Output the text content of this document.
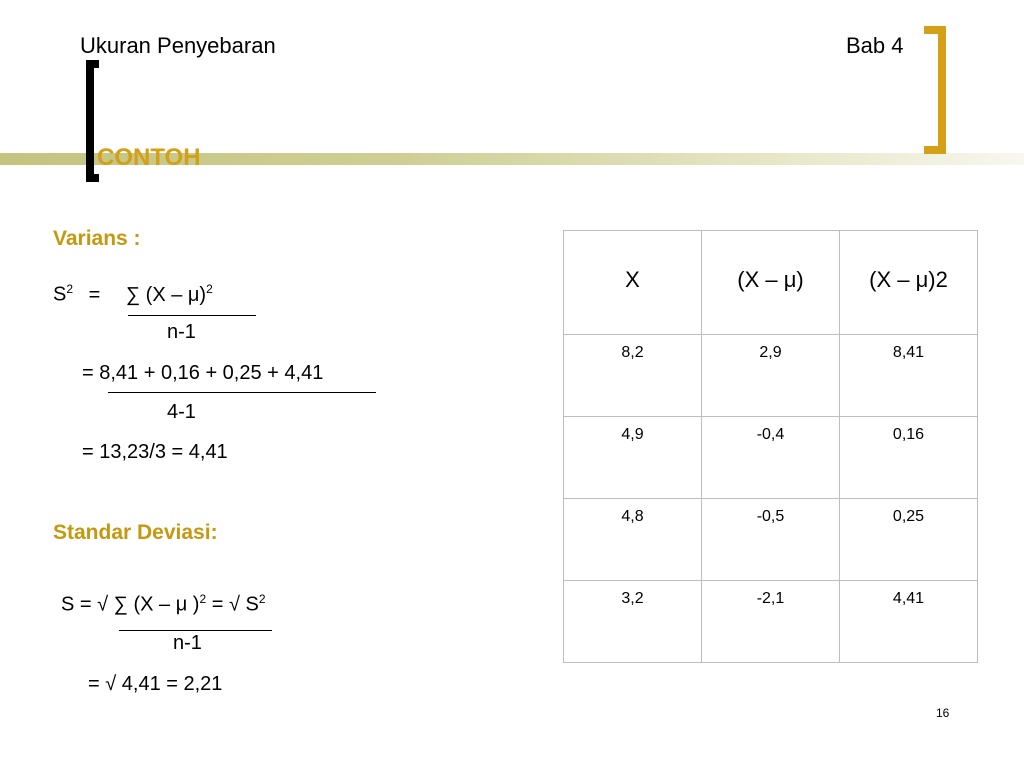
Ukuran Penyebaran	Bab 4
CONTOH
Varians :
$S^2$ = ∑ (X – μ)$^2$
n-1
= 8,41 + 0,16 + 0,25 + 4,41
4-1
= 13,23/3 = 4,41
Standar Deviasi:
S = √ ∑ (X – μ )$^2$ = √ $S^2$
n-1
= √ 4,41 = 2,21
X	(X – μ)	(X – μ)2
8,2	2,9	8,41
4,9	-0,4	0,16
4,8	-0,5	0,25
3,2	-2,1	4,41
16
